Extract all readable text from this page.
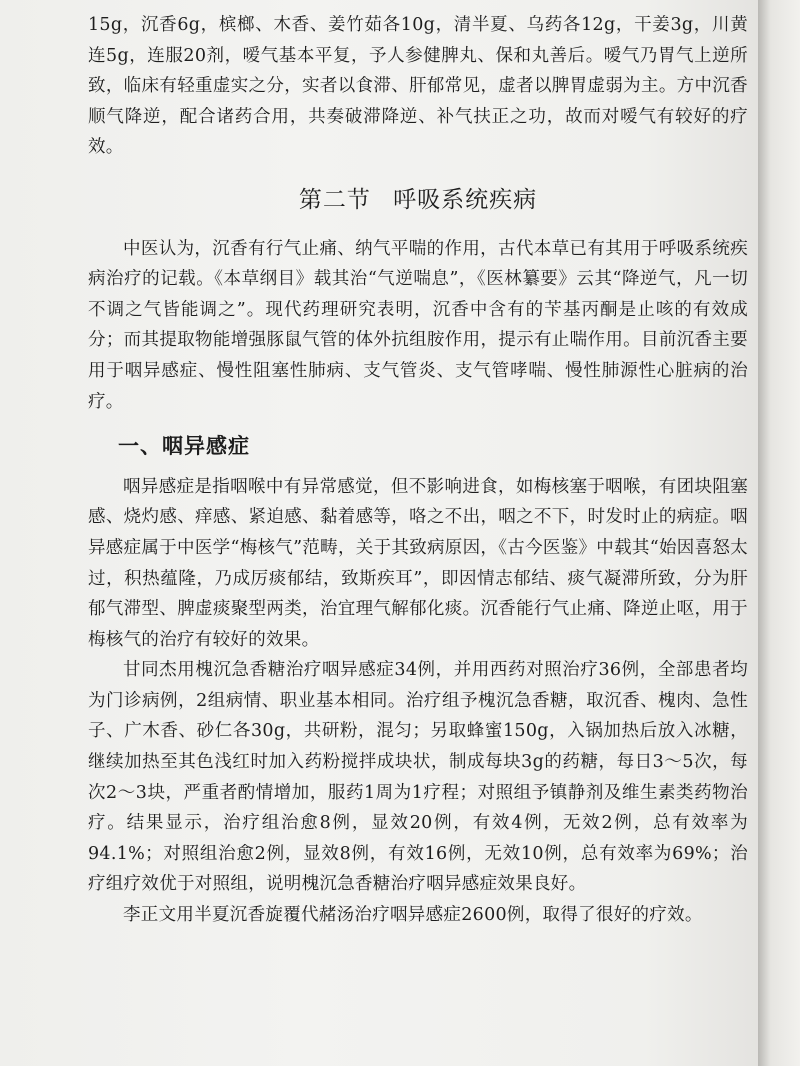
15g，沉香6g，槟榔、木香、姜竹茹各10g，清半夏、乌药各12g，干姜3g，川黄连5g，连服20剂，嗳气基本平复，予人参健脾丸、保和丸善后。嗳气乃胃气上逆所致，临床有轻重虚实之分，实者以食滞、肝郁常见，虚者以脾胃虚弱为主。方中沉香顺气降逆，配合诸药合用，共奏破滞降逆、补气扶正之功，故而对嗳气有较好的疗效。

第二节 呼吸系统疾病

中医认为，沉香有行气止痛、纳气平喘的作用，古代本草已有其用于呼吸系统疾病治疗的记载。《本草纲目》载其治“气逆喘息”，《医林纂要》云其“降逆气，凡一切不调之气皆能调之”。现代药理研究表明，沉香中含有的苄基丙酮是止咳的有效成分；而其提取物能增强豚鼠气管的体外抗组胺作用，提示有止喘作用。目前沉香主要用于咽异感症、慢性阻塞性肺病、支气管炎、支气管哮喘、慢性肺源性心脏病的治疗。

一、咽异感症

咽异感症是指咽喉中有异常感觉，但不影响进食，如梅核塞于咽喉，有团块阻塞感、烧灼感、痒感、紧迫感、黏着感等，咯之不出，咽之不下，时发时止的病症。咽异感症属于中医学“梅核气”范畴，关于其致病原因，《古今医鉴》中载其“始因喜怒太过，积热蕴隆，乃成厉痰郁结，致斯疾耳”，即因情志郁结、痰气凝滞所致，分为肝郁气滞型、脾虚痰聚型两类，治宜理气解郁化痰。沉香能行气止痛、降逆止呕，用于梅核气的治疗有较好的效果。

甘同杰用槐沉急香糖治疗咽异感症34例，并用西药对照治疗36例，全部患者均为门诊病例，2组病情、职业基本相同。治疗组予槐沉急香糖，取沉香、槐肉、急性子、广木香、砂仁各30g，共研粉，混匀；另取蜂蜜150g，入锅加热后放入冰糖，继续加热至其色浅红时加入药粉搅拌成块状，制成每块3g的药糖，每日3～5次，每次2～3块，严重者酌情增加，服药1周为1疗程；对照组予镇静剂及维生素类药物治疗。结果显示，治疗组治愈8例，显效20例，有效4例，无效2例，总有效率为94.1%；对照组治愈2例，显效8例，有效16例，无效10例，总有效率为69%；治疗组疗效优于对照组，说明槐沉急香糖治疗咽异感症效果良好。

李正文用半夏沉香旋覆代赭汤治疗咽异感症2600例，取得了很好的疗效。
